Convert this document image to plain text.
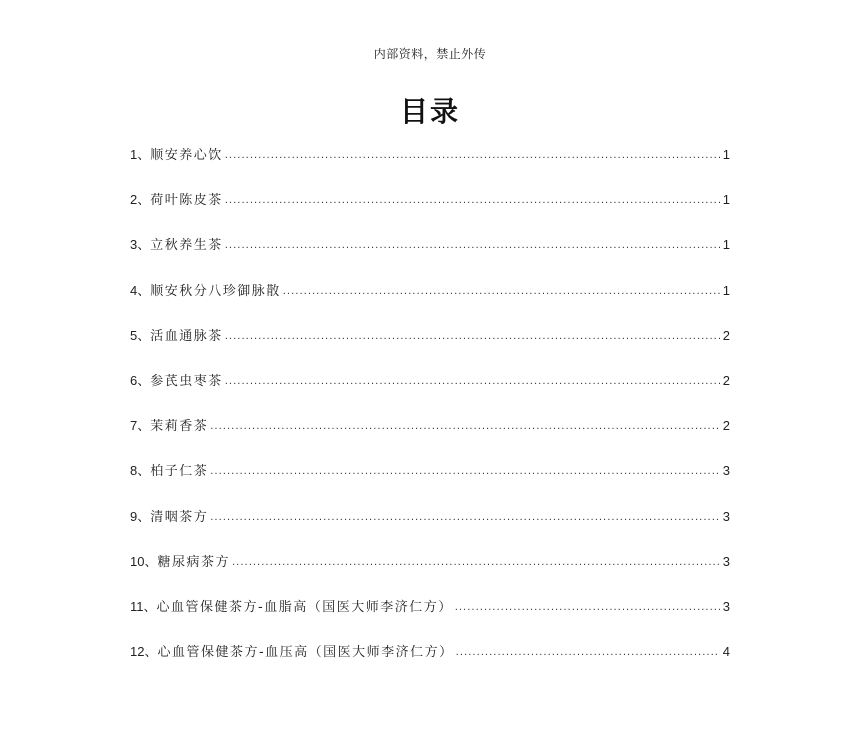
内部资料，禁止外传
目录
1、 顺安养心饮 .....	1
2、 荷叶陈皮茶 .....	1
3、 立秋养生茶 .....	1
4、 顺安秋分八珍御脉散 .....	1
5、 活血通脉茶 .....	2
6、 参芪虫枣茶 .....	2
7、 茉莉香茶 .....	2
8、 柏子仁茶 .....	3
9、 清咽茶方 .....	3
10、 糖尿病茶方 .....	3
11、 心血管保健茶方-血脂高（国医大师李济仁方） .....	3
12、 心血管保健茶方-血压高（国医大师李济仁方） .....	4
